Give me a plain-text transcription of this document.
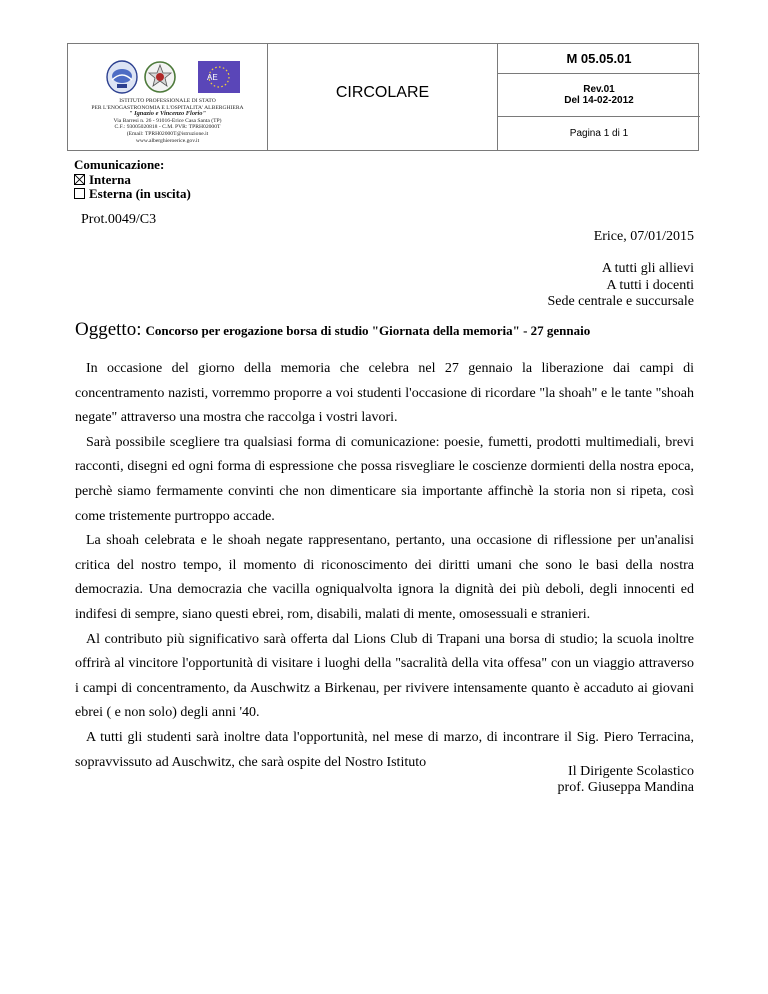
AE
ISTITUTO PROFESSIONALE DI STATO
PER L'ENOGASTRONOMIA E L'OSPITALITA' ALBERGHIERA
" Ignazio e Vincenzo Florio"
Via Barresi n. 26 - 91016-Erice Casa Santa (TP)
C.F.: 93005020818 - C.M. PVR: TPRH02000T
(Email: TPRH02000T@istruzione.it
www.alberghieroerice.gov.it
CIRCOLARE
M 05.05.01
Rev.01
Del 14-02-2012
Pagina 1 di 1
Comunicazione:
Interna
Esterna (in uscita)
Prot.0049/C3
Erice, 07/01/2015
A tutti gli allievi
A tutti i docenti
Sede centrale e succursale
Oggetto: Concorso per erogazione borsa di studio "Giornata della memoria" - 27 gennaio

In occasione del giorno della memoria che celebra nel 27 gennaio la liberazione dai campi di concentramento nazisti, vorremmo proporre a voi studenti l'occasione di ricordare "la shoah" e le tante "shoah negate" attraverso una mostra che raccolga i vostri lavori.

Sarà possibile scegliere tra qualsiasi forma di comunicazione: poesie, fumetti, prodotti multimediali, brevi racconti, disegni ed ogni forma di espressione che possa risvegliare le coscienze dormienti della nostra epoca, perchè siamo fermamente convinti che non dimenticare sia importante affinchè la storia non si ripeta, così come tristemente purtroppo accade.

La shoah celebrata e le shoah negate rappresentano, pertanto, una occasione di riflessione per un'analisi critica del nostro tempo, il momento di riconoscimento dei diritti umani che sono le basi della nostra democrazia. Una democrazia che vacilla ogniqualvolta ignora la dignità dei più deboli, degli innocenti ed indifesi di sempre, siano questi ebrei, rom, disabili, malati di mente, omosessuali e stranieri.

Al contributo più significativo sarà offerta dal Lions Club di Trapani una borsa di studio; la scuola inoltre offrirà al vincitore l'opportunità di visitare i luoghi della "sacralità della vita offesa" con un viaggio attraverso i campi di concentramento, da Auschwitz a Birkenau, per rivivere intensamente quanto è accaduto ai giovani ebrei ( e non solo) degli anni '40.

A tutti gli studenti sarà inoltre data l'opportunità, nel mese di marzo, di incontrare il Sig. Piero Terracina, sopravvissuto ad Auschwitz, che sarà ospite del Nostro Istituto

Il Dirigente Scolastico
prof. Giuseppa Mandina
